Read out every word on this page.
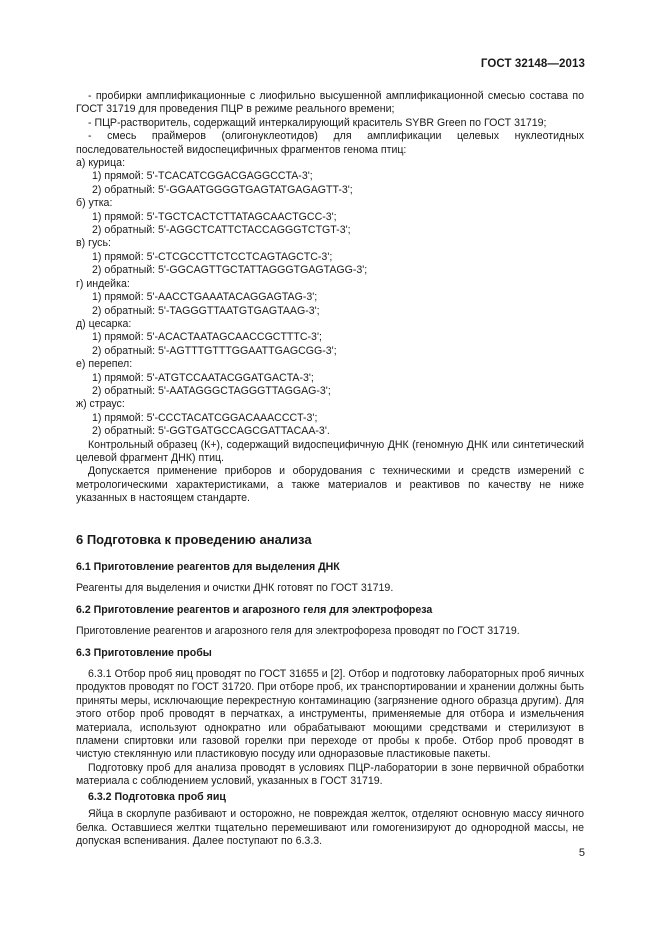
ГОСТ 32148—2013

- пробирки амплификационные с лиофильно высушенной амплификационной смесью состава по ГОСТ 31719 для проведения ПЦР в режиме реального времени;

- ПЦР-растворитель, содержащий интеркалирующий краситель SYBR Green по ГОСТ 31719;

- смесь праймеров (олигонуклеотидов) для амплификации целевых нуклеотидных последовательностей видоспецифичных фрагментов генома птиц:

а) курица:

1) прямой: 5'-TCACATCGGACGAGGCCTA-3';

2) обратный: 5'-GGAATGGGGTGAGTATGAGAGTT-3';

б) утка:

1) прямой: 5'-TGCTCACTCTTATAGCAACTGCC-3';

2) обратный: 5'-AGGCTCATTCTACCAGGGTCTGT-3';

в) гусь:

1) прямой: 5'-CTCGCCTTCTCCTCAGTAGCTC-3';

2) обратный: 5'-GGCAGTTGCTATTAGGGTGAGTAGG-3';

г) индейка:

1) прямой: 5'-AACCTGAAATACAGGAGTAG-3';

2) обратный: 5'-TAGGGTTAATGTGAGTAAG-3';

д) цесарка:

1) прямой: 5'-ACACTAATAGCAACCGCTTTC-3';

2) обратный: 5'-AGTTTGTTTGGAATTGAGCGG-3';

е) перепел:

1) прямой: 5'-ATGTCCAATACGGATGACTA-3';

2) обратный: 5'-AATAGGGCTAGGGTTAGGAG-3';

ж) страус:

1) прямой: 5'-CCCTACATCGGACAAACCCT-3';

2) обратный: 5'-GGTGATGCCAGCGATTACAA-3'.

Контрольный образец (К+), содержащий видоспецифичную ДНК (геномную ДНК или синтетический целевой фрагмент ДНК) птиц.

Допускается применение приборов и оборудования с техническими и средств измерений с метрологическими характеристиками, а также материалов и реактивов по качеству не ниже указанных в настоящем стандарте.

6 Подготовка к проведению анализа
6.1 Приготовление реагентов для выделения ДНК

Реагенты для выделения и очистки ДНК готовят по ГОСТ 31719.

6.2 Приготовление реагентов и агарозного геля для электрофореза

Приготовление реагентов и агарозного геля для электрофореза проводят по ГОСТ 31719.

6.3 Приготовление пробы

6.3.1 Отбор проб яиц проводят по ГОСТ 31655 и [2]. Отбор и подготовку лабораторных проб яичных продуктов проводят по ГОСТ 31720. При отборе проб, их транспортировании и хранении должны быть приняты меры, исключающие перекрестную контаминацию (загрязнение одного образца другим). Для этого отбор проб проводят в перчатках, а инструменты, применяемые для отбора и измельчения материала, используют однократно или обрабатывают моющими средствами и стерилизуют в пламени спиртовки или газовой горелки при переходе от пробы к пробе. Отбор проб проводят в чистую стеклянную или пластиковую посуду или одноразовые пластиковые пакеты.

Подготовку проб для анализа проводят в условиях ПЦР-лаборатории в зоне первичной обработки материала с соблюдением условий, указанных в ГОСТ 31719.

6.3.2 Подготовка проб яиц

Яйца в скорлупе разбивают и осторожно, не повреждая желток, отделяют основную массу яичного белка. Оставшиеся желтки тщательно перемешивают или гомогенизируют до однородной массы, не допуская вспенивания. Далее поступают по 6.3.3.

5
